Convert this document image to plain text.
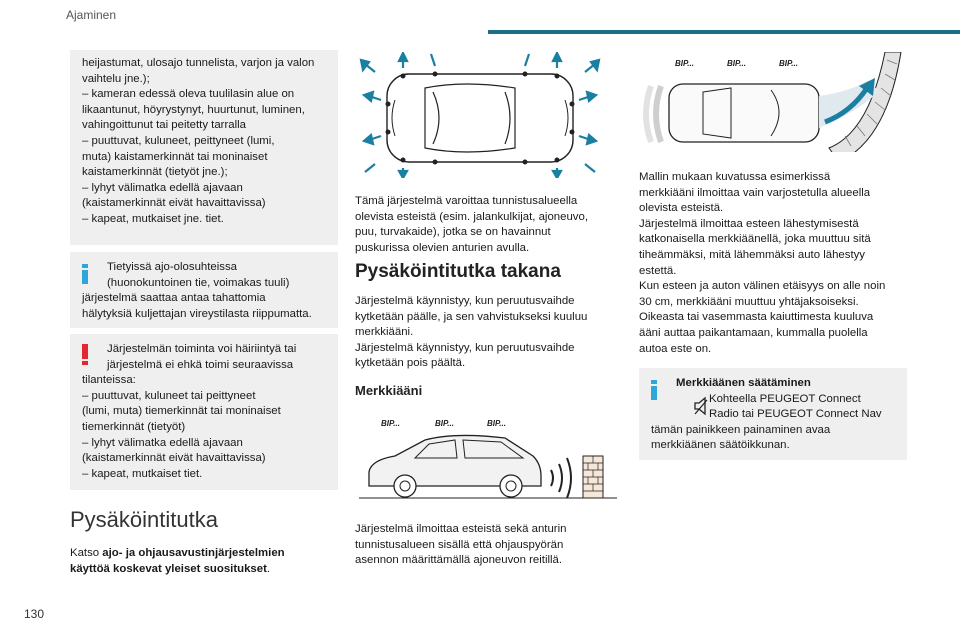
Ajaminen
130
heijastumat, ulosajo tunnelista, varjon ja valon
vaihtelu jne.);
– kameran edessä oleva tuulilasin alue on
likaantunut, höyrystynyt, huurtunut, luminen,
vahingoittunut tai peitetty tarralla
– puuttuvat, kuluneet, peittyneet (lumi,
muta) kaistamerkinnät tai moninaiset
kaistamerkinnät (tietyöt jne.);
– lyhyt välimatka edellä ajavaan
(kaistamerkinnät eivät havaittavissa)
– kapeat, mutkaiset jne. tiet.
Tietyissä ajo-olosuhteissa
(huonokuntoinen tie, voimakas tuuli)
järjestelmä saattaa antaa tahattomia
hälytyksiä kuljettajan vireystilasta riippumatta.
Järjestelmän toiminta voi häiriintyä tai
järjestelmä ei ehkä toimi seuraavissa
tilanteissa:
– puuttuvat, kuluneet tai peittyneet
(lumi, muta) tiemerkinnät tai moninaiset
tiemerkinnät (tietyöt)
– lyhyt välimatka edellä ajavaan
(kaistamerkinnät eivät havaittavissa)
– kapeat, mutkaiset tiet.
Pysäköintitutka

Katso ajo- ja ohjausavustinjärjestelmien
käyttöä koskevat yleiset suositukset.

Tämä järjestelmä varoittaa tunnistusalueella
olevista esteistä (esim. jalankulkijat, ajoneuvo,
puu, turvakaide), jotka se on havainnut
puskurissa olevien anturien avulla.

Pysäköintitutka takana

Järjestelmä käynnistyy, kun peruutusvaihde
kytketään päälle, ja sen vahvistukseksi kuuluu
merkkiääni.
Järjestelmä käynnistyy, kun peruutusvaihde
kytketään pois päältä.

Merkkiääni
BIP...	BIP...	BIP...

Järjestelmä ilmoittaa esteistä sekä anturin
tunnistusalueen sisällä että ohjauspyörän
asennon määrittämällä ajoneuvon reitillä.

BIP...	BIP...	BIP...

Mallin mukaan kuvatussa esimerkissä
merkkiääni ilmoittaa vain varjostetulla alueella
olevista esteistä.
Järjestelmä ilmoittaa esteen lähestymisestä
katkonaisella merkkiäänellä, joka muuttuu sitä
tiheämmäksi, mitä lähemmäksi auto lähestyy
estettä.
Kun esteen ja auton välinen etäisyys on alle noin
30 cm, merkkiääni muuttuu yhtäjaksoiseksi.
Oikeasta tai vasemmasta kaiuttimesta kuuluva
ääni auttaa paikantamaan, kummalla puolella
autoa este on.

Merkkiäänen säätäminen
Kohteella PEUGEOT Connect
Radio tai PEUGEOT Connect Nav
tämän painikkeen painaminen avaa
merkkiäänen säätöikkunan.
